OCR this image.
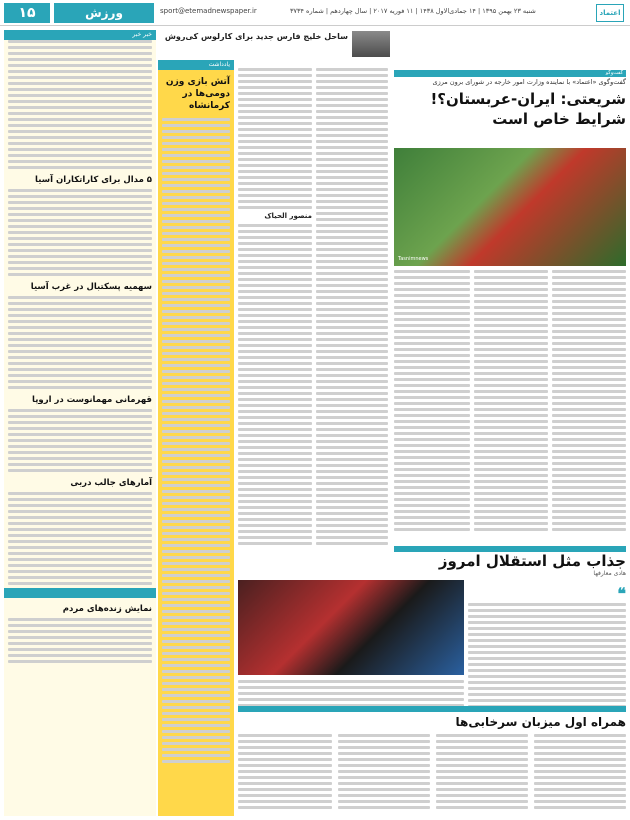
۱۵	ورزش	sport@etemadnewspaper.ir	شنبه ۲۳ بهمن ۱۳۹۵ | ۱۴ جمادی‌الاول ۱۴۳۸ | ۱۱ فوریه ۲۰۱۷ | سال چهاردهم | شماره ۳۷۳۴	اعتماد
خبر خبر
۵ مدال برای کاراتکاران آسیا
سهمیه پسکتبال در غرب آسیا
قهرمانی مهمانوست در اروپا
آمارهای جالب دربی
نمایش زنده‌های مردم
ساحل خلیج فارس جدید برای کارلوس کی‌روش
یادداشت
آتش بازی وزن دومی‌ها در کرمانشاه
منصور الحیاک
گفت‌وگو
گفت‌وگوی «اعتماد» با نماینده وزارت امور خارجه در شورای برون مرزی
شریعتی: ایران-عربستان؟! شرایط خاص است
Tasnimnews
جذاب مثل استقلال امروز
هادی معارفها
❝
همراه اول میزبان سرخابی‌ها
